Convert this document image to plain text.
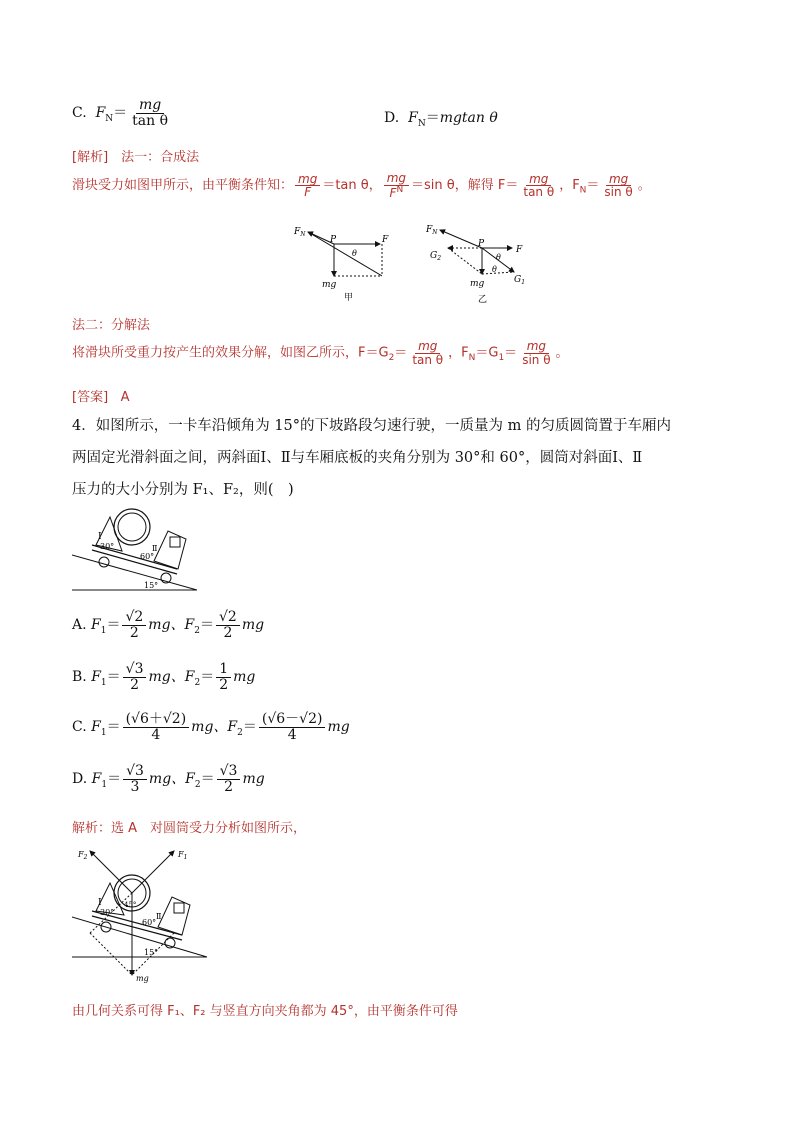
C. $F_N= \frac{mg}{\text{tan θ}}$	D. $F_N=mgtan$ θ
[解析]　法一：合成法
滑块受力如图甲所示，由平衡条件知： $\frac{mg}{F} =\tan$ θ， $\frac{mg}{F^N} =\sin$ θ，解得 $F= \frac{mg}{\text{tan θ}}$ ，$F_N= \frac{mg}{\text{sin θ}}$ 。
$F_N$
P	F
θ
mg
甲
$F_N$
P
F
$G_2$
$G_1$
θ
θ
mg
乙
法二：分解法
将滑块所受重力按产生的效果分解，如图乙所示，$F=G_2= \frac{mg}{\text{tan θ}}$ ，$F_N=G_1= \frac{mg}{\text{sin θ}}$ 。
[答案] A
4．如图所示，一卡车沿倾角为 15°的下坡路段匀速行驶，一质量为 m 的匀质圆筒置于车厢内
两固定光滑斜面之间，两斜面Ⅰ、Ⅱ与车厢底板的夹角分别为 30°和 60°，圆筒对斜面Ⅰ、Ⅱ
压力的大小分别为 F₁、F₂，则(　)
Ⅰ
30°	Ⅱ
60°
15°
A. $F_1= \frac{√2}{2}$ mg、$F_2= \frac{√2}{2}$ mg
B. $F_1= \frac{√3}{2}$ mg、$F_2= \frac{1}{2}$ mg
C. $F_1= \frac{(√6+√2)}{4}$ mg、$F_2= \frac{(√6-√2)}{4}$ mg
D. $F_1= \frac{√3}{3}$ mg、$F_2= \frac{√3}{2}$ mg
解析：选 A　对圆筒受力分析如图所示，
$F_2$	$F_1$
Ⅰ
30°
45°
60°
Ⅱ
15°
mg
由几何关系可得 F₁、F₂ 与竖直方向夹角都为 45°，由平衡条件可得
